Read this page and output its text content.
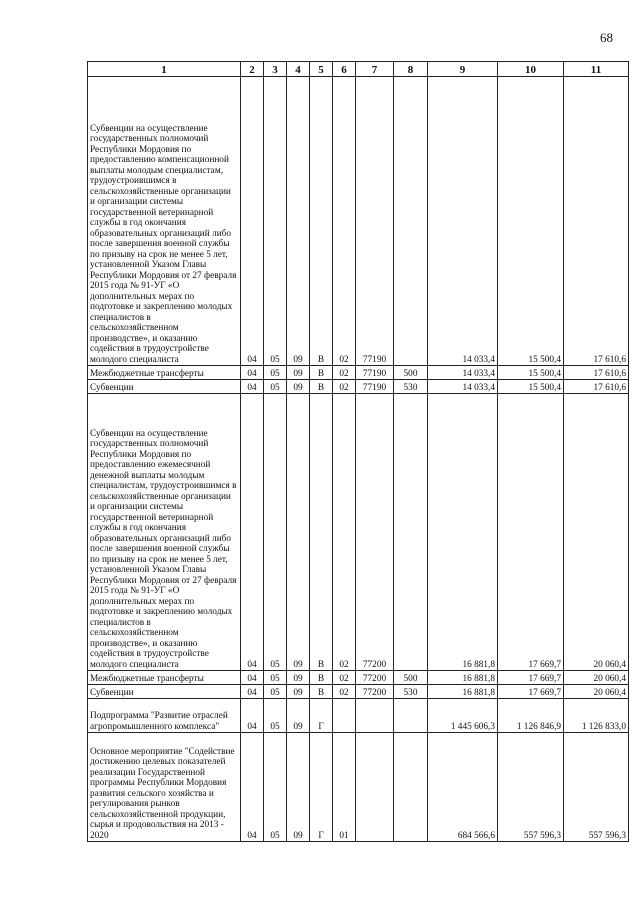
68
1	2	3	4	5	6	7	8	9	10	11
Субвенции на осуществление государственных полномочий Республики Мордовия по предоставлению компенсационной выплаты молодым специалистам, трудоустроившимся в сельскохозяйственные организации и организации системы государственной ветеринарной службы в год окончания образовательных организаций либо после завершения военной службы по призыву на срок не менее 5 лет, установленной Указом Главы Республики Мордовия от 27 февраля 2015 года № 91-УГ «О дополнительных мерах по подготовке и закреплению молодых специалистов в сельскохозяйственном производстве», и оказанию содействия в трудоустройстве молодого специалиста	04	05	09	В	02	77190		14 033,4	15 500,4	17 610,6
Межбюджетные трансферты	04	05	09	В	02	77190	500	14 033,4	15 500,4	17 610,6
Субвенции	04	05	09	В	02	77190	530	14 033,4	15 500,4	17 610,6
Субвенции на осуществление государственных полномочий Республики Мордовия по предоставлению ежемесячной денежной выплаты молодым специалистам, трудоустроившимся в сельскохозяйственные организации и организации системы государственной ветеринарной службы в год окончания образовательных организаций либо после завершения военной службы по призыву на срок не менее 5 лет, установленной Указом Главы Республики Мордовия от 27 февраля 2015 года № 91-УГ «О дополнительных мерах по подготовке и закреплению молодых специалистов в сельскохозяйственном производстве», и оказанию содействия в трудоустройстве молодого специалиста	04	05	09	В	02	77200		16 881,8	17 669,7	20 060,4
Межбюджетные трансферты	04	05	09	В	02	77200	500	16 881,8	17 669,7	20 060,4
Субвенции	04	05	09	В	02	77200	530	16 881,8	17 669,7	20 060,4
Подпрограмма "Развитие отраслей агропромышленного комплекса"	04	05	09	Г				1 445 606,3	1 126 846,9	1 126 833,0
Основное мероприятие "Содействие достижению целевых показателей реализации Государственной программы Республики Мордовия развития сельского хозяйства и регулирования рынков сельскохозяйственной продукции, сырья и продовольствия на 2013 - 2020	04	05	09	Г	01			684 566,6	557 596,3	557 596,3
